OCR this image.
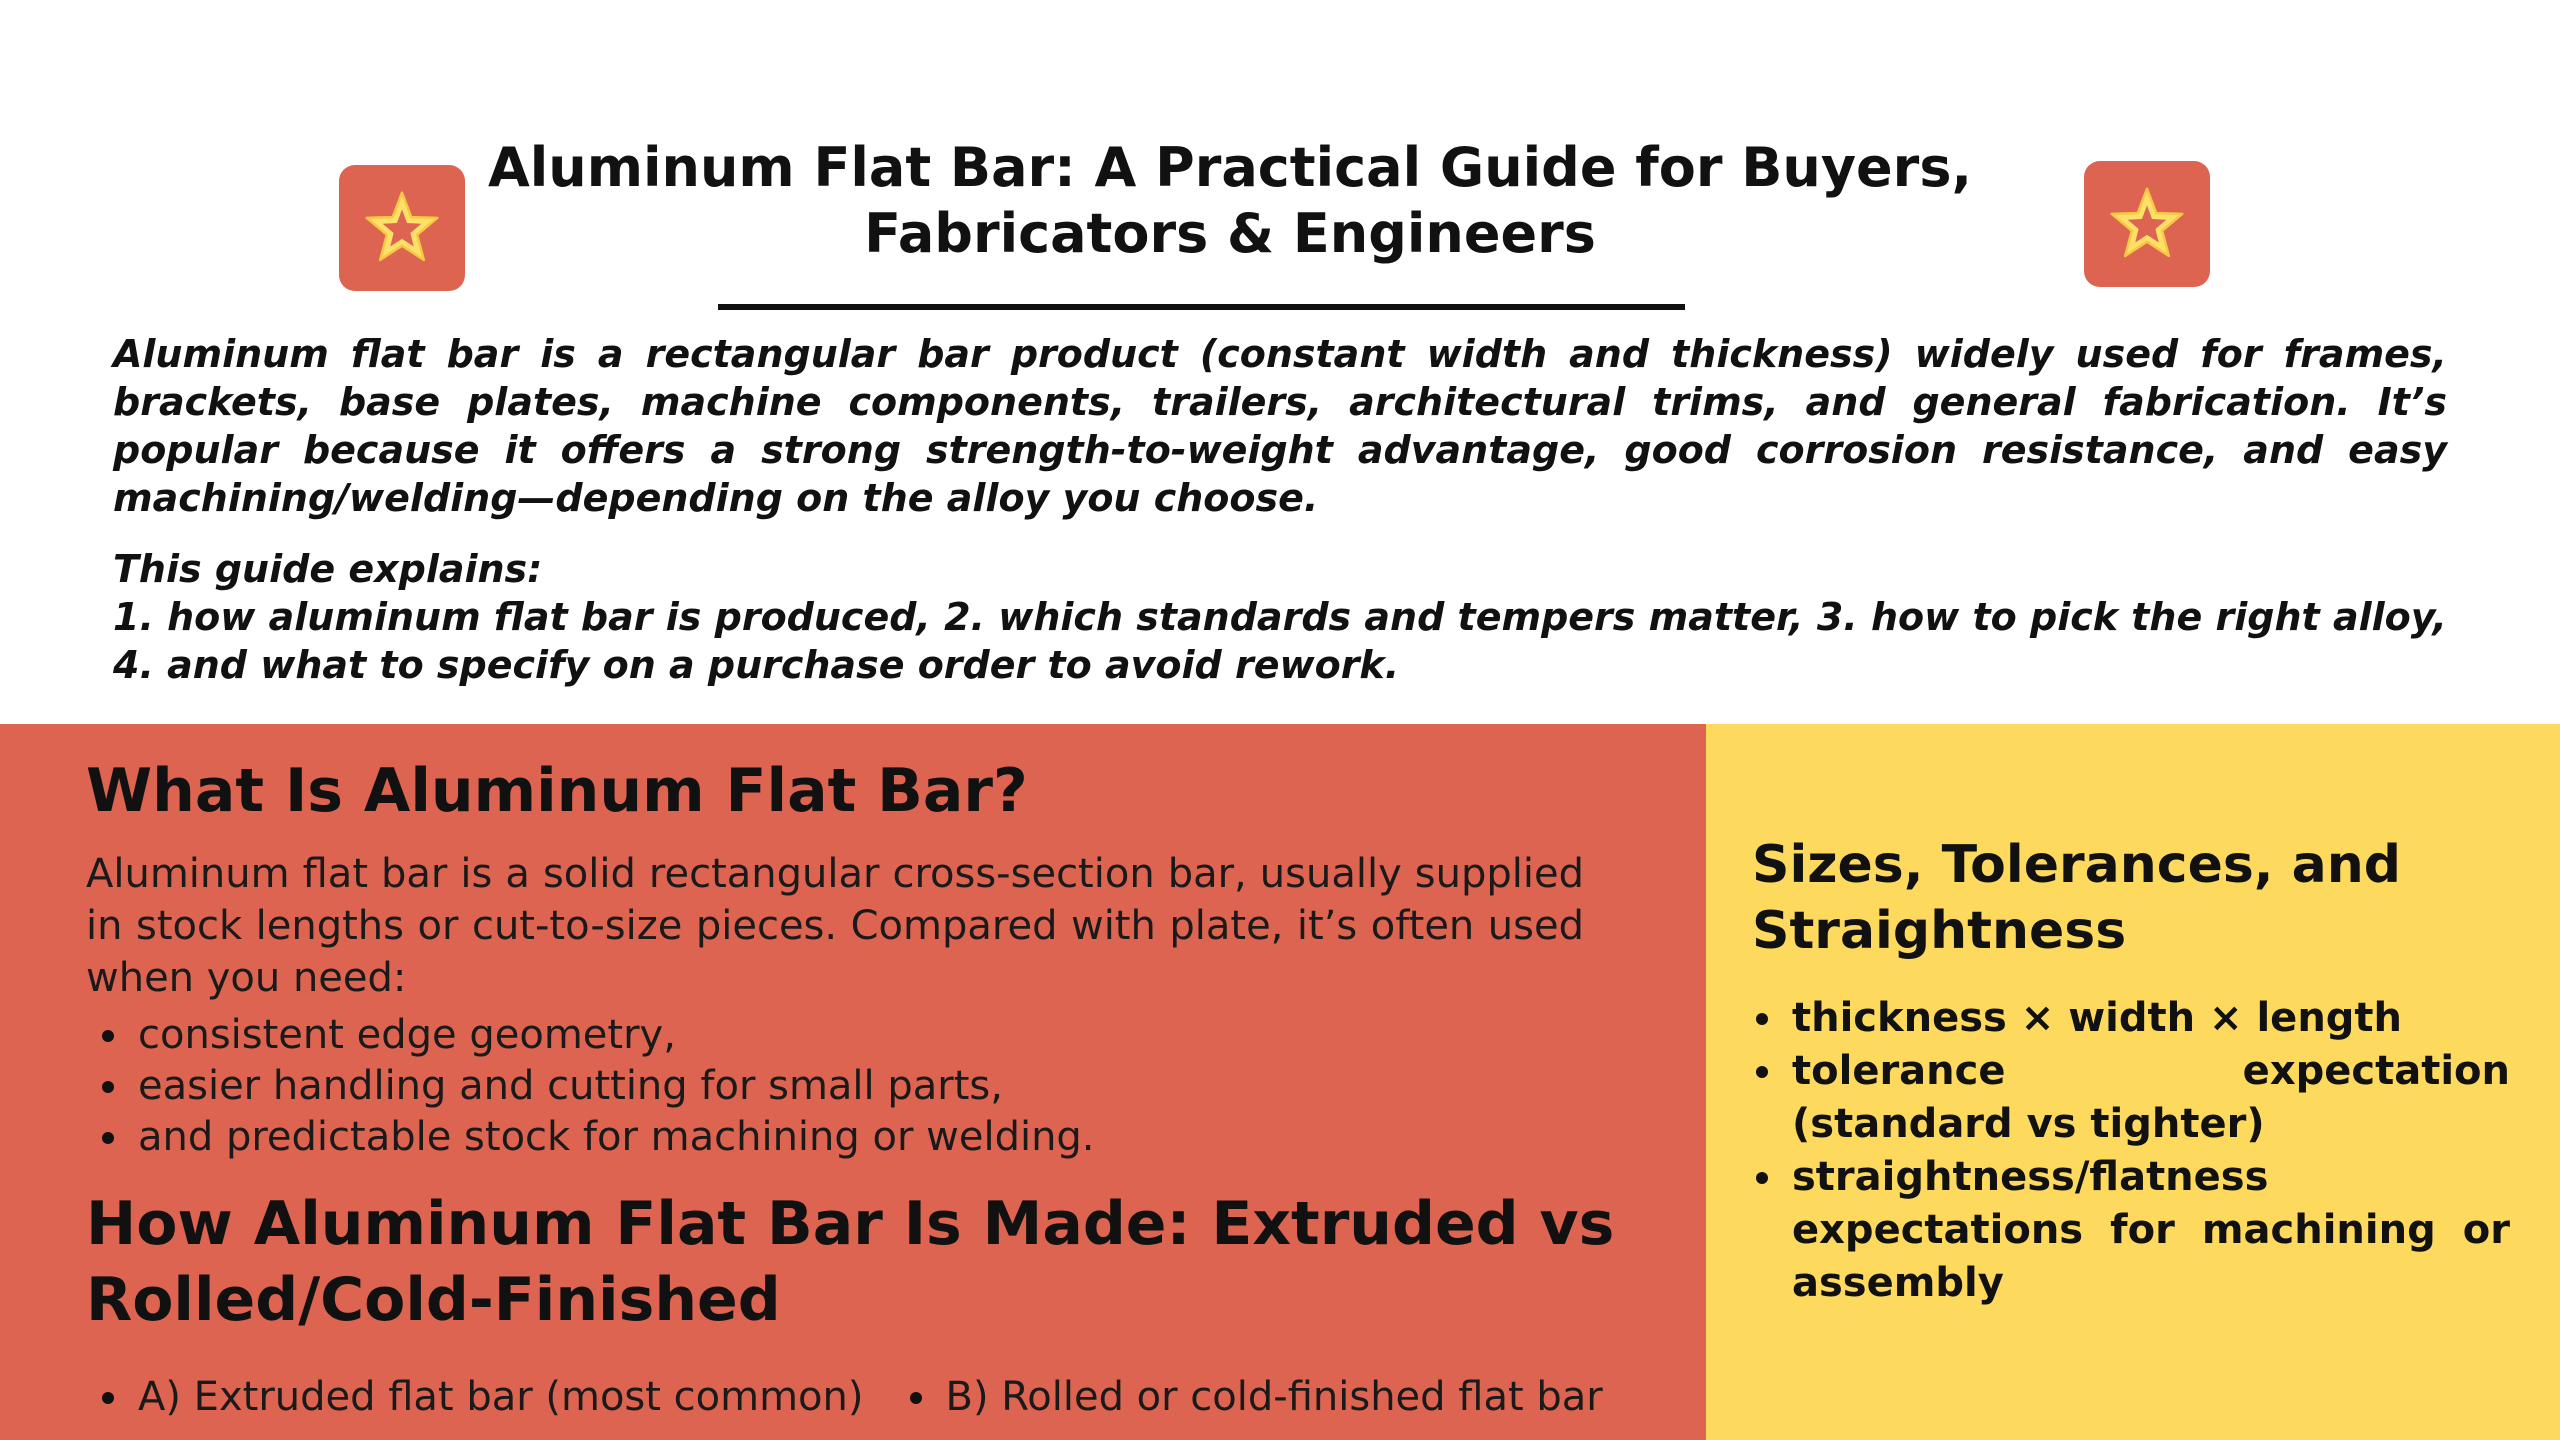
Aluminum Flat Bar: A Practical Guide for Buyers,
Fabricators & Engineers

Aluminum flat bar is a rectangular bar product (constant width and thickness) widely used for frames, brackets, base plates, machine components, trailers, architectural trims, and general fabrication. It’s popular because it offers a strong strength-to-weight advantage, good corrosion resistance, and easy machining/welding—depending on the alloy you choose.

This guide explains:

1. how aluminum flat bar is produced, 2. which standards and tempers matter, 3. how to pick the right alloy, 4. and what to specify on a purchase order to avoid rework.

What Is Aluminum Flat Bar?

Aluminum flat bar is a solid rectangular cross-section bar, usually supplied in stock lengths or cut-to-size pieces. Compared with plate, it’s often used when you need:

consistent edge geometry,
easier handling and cutting for small parts,
and predictable stock for machining or welding.
How Aluminum Flat Bar Is Made: Extruded vs Rolled/Cold-Finished
A) Extruded flat bar (most common)	B) Rolled or cold-finished flat bar
Sizes, Tolerances, and Straightness
thickness × width × length
tolerance expectation (standard vs tighter)
straightness/flatness expectations for machining or assembly
